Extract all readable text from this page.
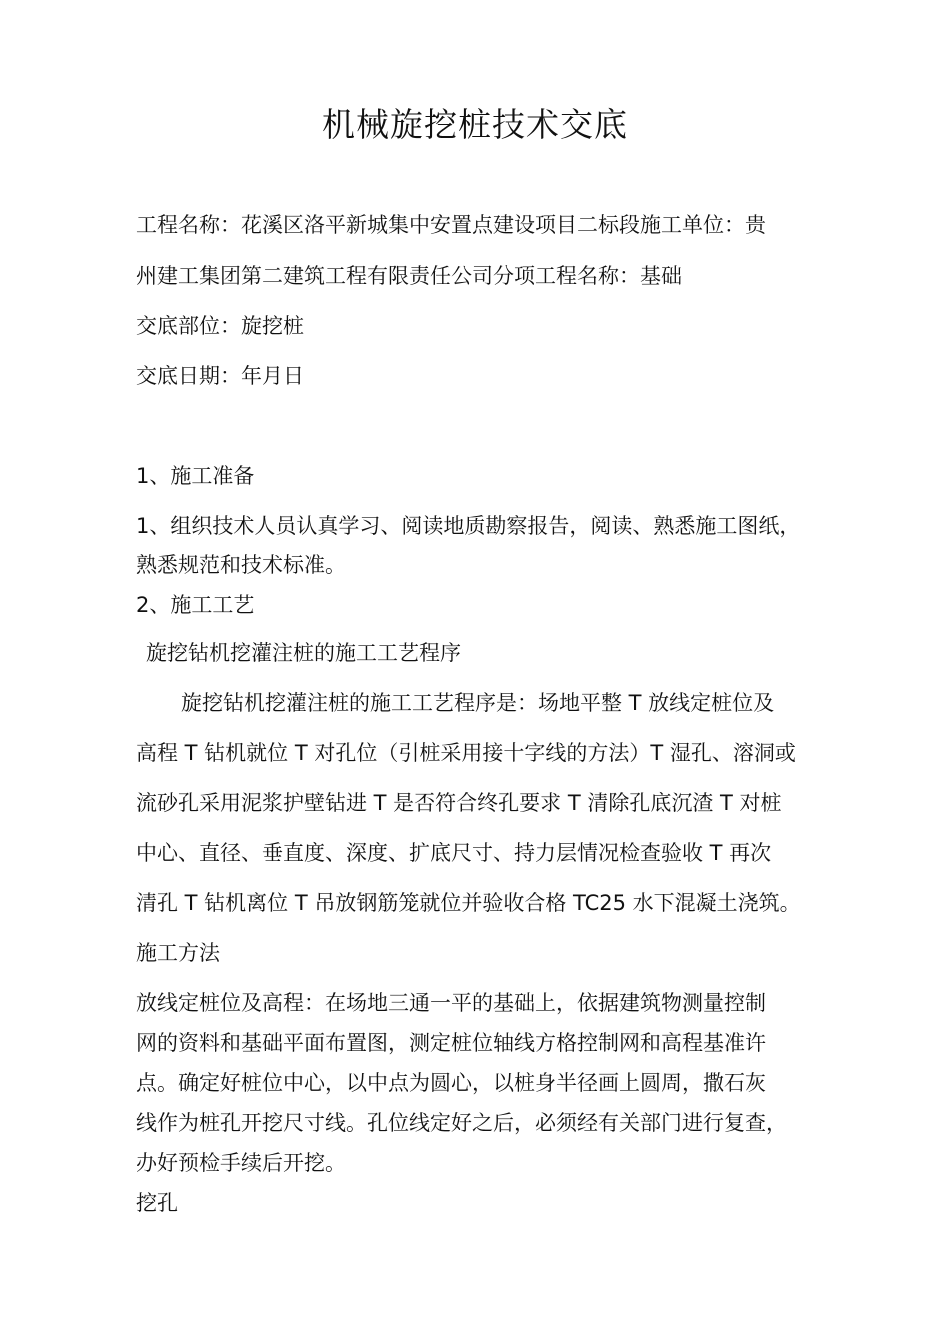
机械旋挖桩技术交底

工程名称：花溪区洛平新城集中安置点建设项目二标段施工单位：贵

州建工集团第二建筑工程有限责任公司分项工程名称：基础

交底部位：旋挖桩

交底日期：年月日

1、施工准备

1、组织技术人员认真学习、阅读地质勘察报告，阅读、熟悉施工图纸，

熟悉规范和技术标准。

2、施工工艺

旋挖钻机挖灌注桩的施工工艺程序

旋挖钻机挖灌注桩的施工工艺程序是：场地平整 T 放线定桩位及

高程 T 钻机就位 T 对孔位（引桩采用接十字线的方法）T 湿孔、溶洞或

流砂孔采用泥浆护壁钻进 T 是否符合终孔要求 T 清除孔底沉渣 T 对桩

中心、直径、垂直度、深度、扩底尺寸、持力层情况检查验收 T 再次

清孔 T 钻机离位 T 吊放钢筋笼就位并验收合格 TC25 水下混凝土浇筑。

施工方法

放线定桩位及高程：在场地三通一平的基础上，依据建筑物测量控制

网的资料和基础平面布置图，测定桩位轴线方格控制网和高程基准许

点。确定好桩位中心，以中点为圆心，以桩身半径画上圆周，撒石灰

线作为桩孔开挖尺寸线。孔位线定好之后，必须经有关部门进行复查，

办好预检手续后开挖。

挖孔
